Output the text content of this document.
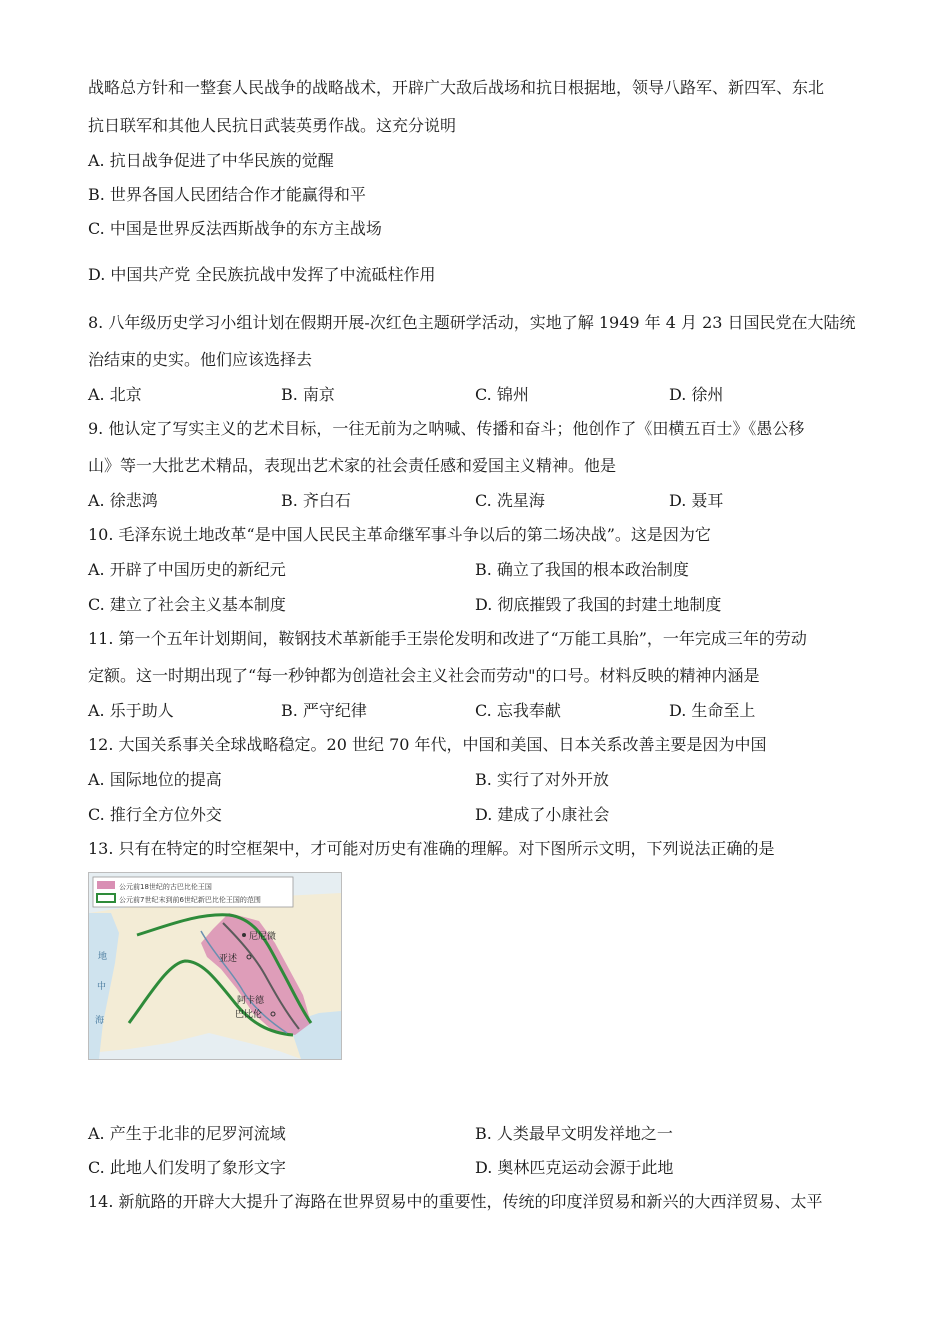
战略总方针和一整套人民战争的战略战术，开辟广大敌后战场和抗日根据地，领导八路军、新四军、东北
抗日联军和其他人民抗日武装英勇作战。这充分说明
A. 抗日战争促进了中华民族的觉醒
B. 世界各国人民团结合作才能赢得和平
C. 中国是世界反法西斯战争的东方主战场
D. 中国共产党 全民族抗战中发挥了中流砥柱作用
8. 八年级历史学习小组计划在假期开展-次红色主题研学活动，实地了解 1949 年 4 月 23 日国民党在大陆统
治结束的史实。他们应该选择去
A. 北京	B. 南京	C. 锦州	D. 徐州
9. 他认定了写实主义的艺术目标，一往无前为之呐喊、传播和奋斗；他创作了《田横五百士》《愚公移
山》等一大批艺术精品，表现出艺术家的社会责任感和爱国主义精神。他是
A. 徐悲鸿	B. 齐白石	C. 冼星海	D. 聂耳
10. 毛泽东说土地改革“是中国人民民主革命继军事斗争以后的第二场决战”。这是因为它
A. 开辟了中国历史的新纪元	B. 确立了我国的根本政治制度
C. 建立了社会主义基本制度	D. 彻底摧毁了我国的封建土地制度
11. 第一个五年计划期间，鞍钢技术革新能手王崇伦发明和改进了“万能工具胎”，一年完成三年的劳动
定额。这一时期出现了“每一秒钟都为创造社会主义社会而劳动"的口号。材料反映的精神内涵是
A. 乐于助人	B. 严守纪律	C. 忘我奉献	D. 生命至上
12. 大国关系事关全球战略稳定。20 世纪 70 年代，中国和美国、日本关系改善主要是因为中国
A. 国际地位的提高	B. 实行了对外开放
C. 推行全方位外交	D. 建成了小康社会
13. 只有在特定的时空框架中，才可能对历史有准确的理解。对下图所示文明，下列说法正确的是
公元前18世纪的古巴比伦王国
公元前7世纪末到前6世纪新巴比伦王国的范围
尼尼微
亚述
阿卡德
巴比伦
地
中
海
A. 产生于北非的尼罗河流域	B. 人类最早文明发祥地之一
C. 此地人们发明了象形文字	D. 奥林匹克运动会源于此地
14. 新航路的开辟大大提升了海路在世界贸易中的重要性，传统的印度洋贸易和新兴的大西洋贸易、太平
